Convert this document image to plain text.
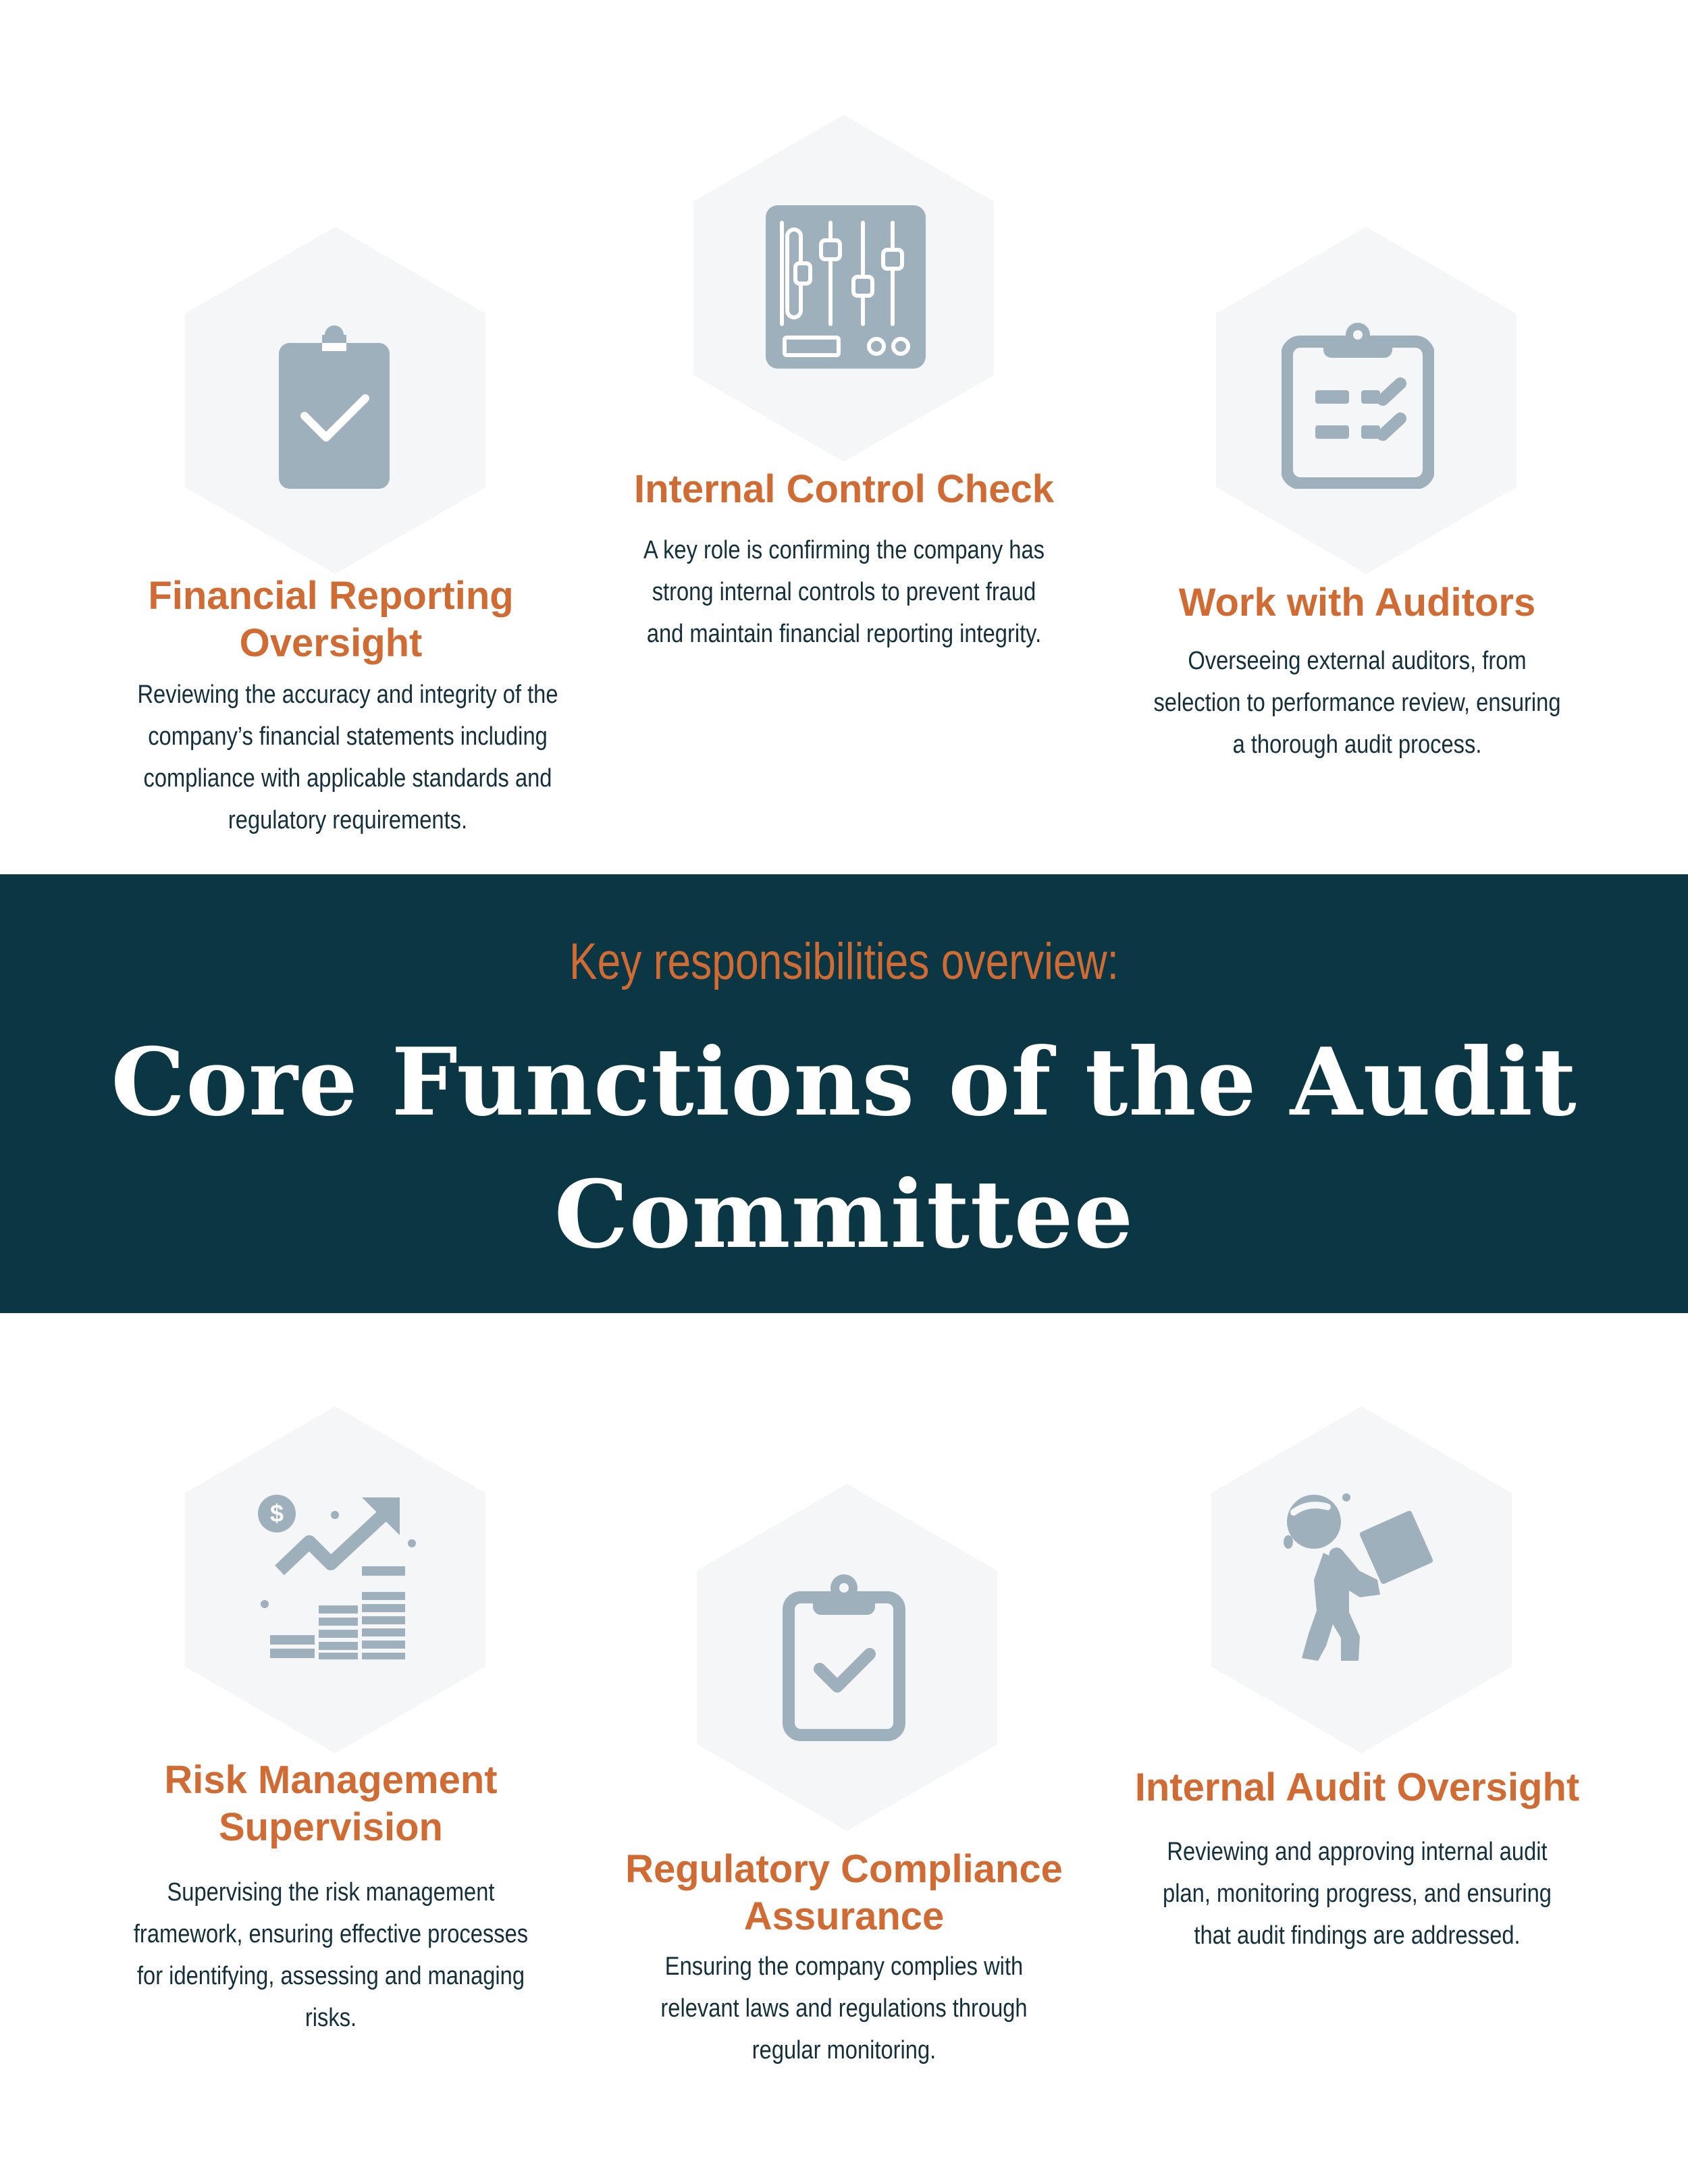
Financial Reporting Oversight

Reviewing the accuracy and integrity of the company’s financial statements including compliance with applicable standards and regulatory requirements.

Internal Control Check

A key role is confirming the company has strong internal controls to prevent fraud and maintain financial reporting integrity.

Work with Auditors

Overseeing external auditors, from selection to performance review, ensuring a thorough audit process.

Key responsibilities overview:

Core Functions of the Audit Committee
$
Risk Management Supervision

Supervising the risk management framework, ensuring effective processes for identifying, assessing and managing risks.

Regulatory Compliance Assurance

Ensuring the company complies with relevant laws and regulations through regular monitoring.

Internal Audit Oversight

Reviewing and approving internal audit plan, monitoring progress, and ensuring that audit findings are addressed.
